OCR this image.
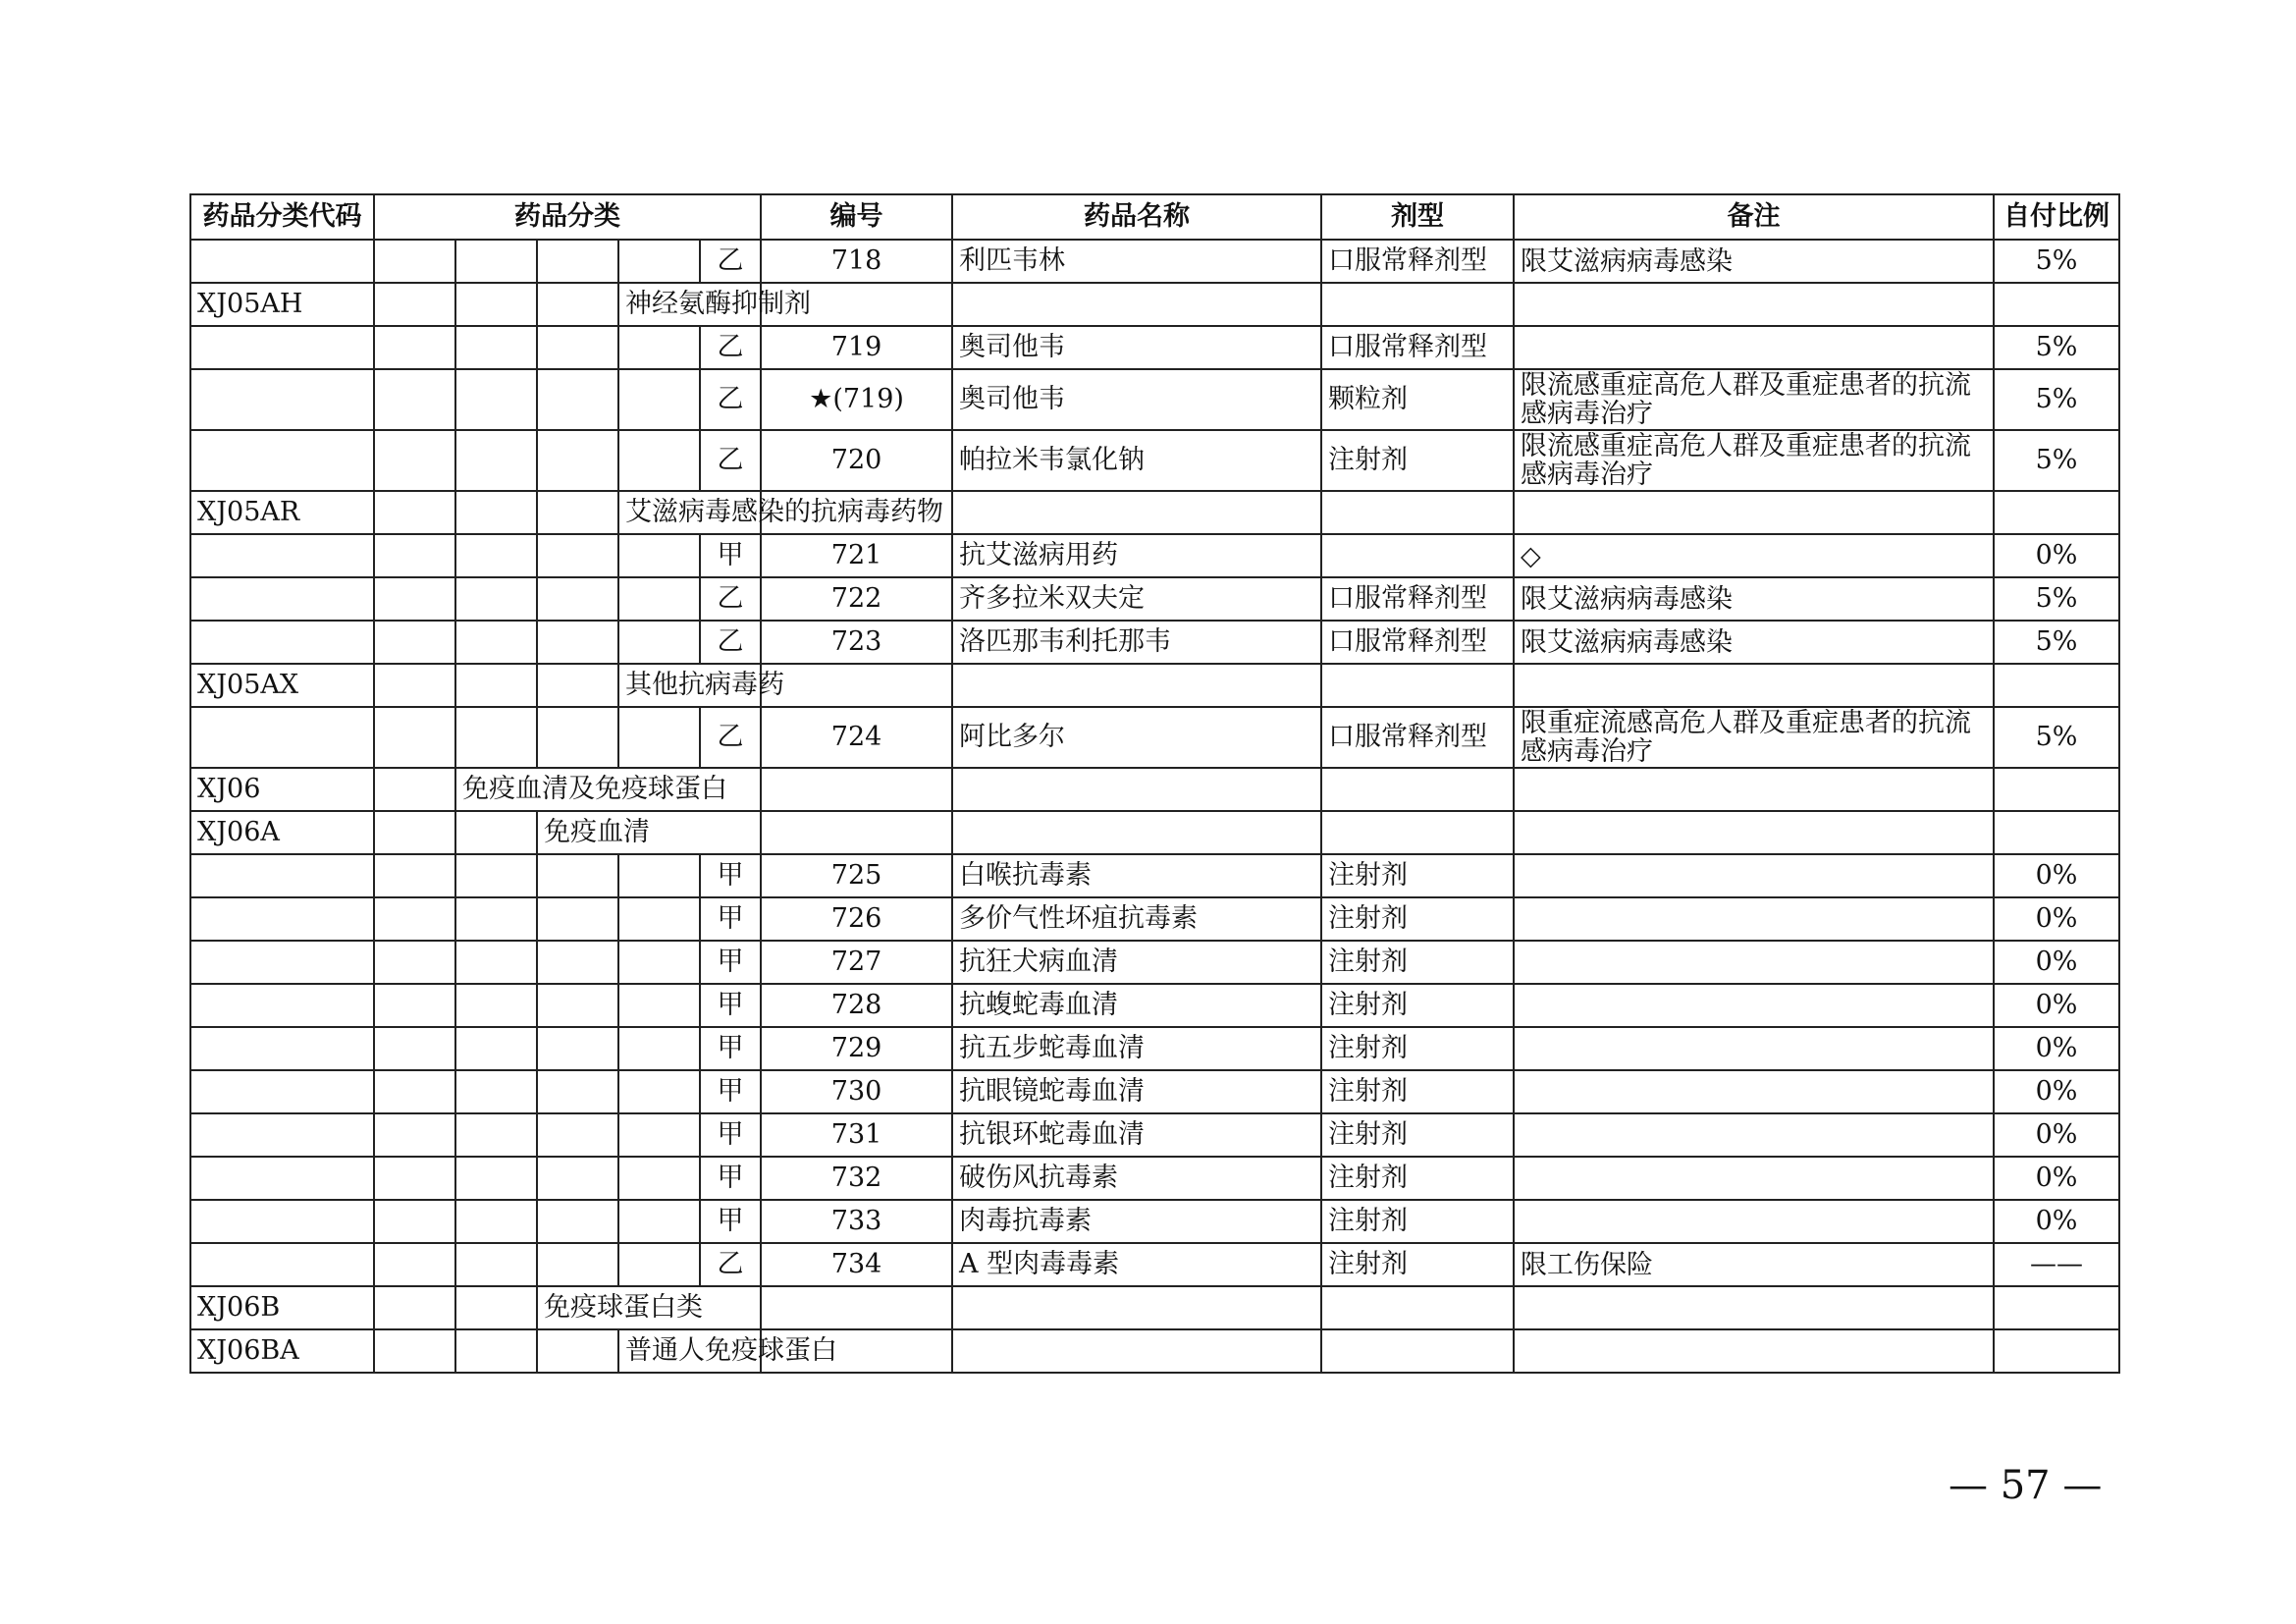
药品分类代码	药品分类					编号	药品名称	剂型	备注	自付比例
					乙	718	利匹韦林	口服常释剂型	限艾滋病病毒感染	5%
XJ05AH				神经氨酶抑制剂						
					乙	719	奥司他韦	口服常释剂型		5%
					乙	★(719)	奥司他韦	颗粒剂	限流感重症高危人群及重症患者的抗流感病毒治疗	5%
					乙	720	帕拉米韦氯化钠	注射剂	限流感重症高危人群及重症患者的抗流感病毒治疗	5%
XJ05AR				艾滋病毒感染的抗病毒药物						
					甲	721	抗艾滋病用药		◇	0%
					乙	722	齐多拉米双夫定	口服常释剂型	限艾滋病病毒感染	5%
					乙	723	洛匹那韦利托那韦	口服常释剂型	限艾滋病病毒感染	5%
XJ05AX				其他抗病毒药						
					乙	724	阿比多尔	口服常释剂型	限重症流感高危人群及重症患者的抗流感病毒治疗	5%
XJ06		免疫血清及免疫球蛋白								
XJ06A			免疫血清							
					甲	725	白喉抗毒素	注射剂		0%
					甲	726	多价气性坏疽抗毒素	注射剂		0%
					甲	727	抗狂犬病血清	注射剂		0%
					甲	728	抗蝮蛇毒血清	注射剂		0%
					甲	729	抗五步蛇毒血清	注射剂		0%
					甲	730	抗眼镜蛇毒血清	注射剂		0%
					甲	731	抗银环蛇毒血清	注射剂		0%
					甲	732	破伤风抗毒素	注射剂		0%
					甲	733	肉毒抗毒素	注射剂		0%
					乙	734	A 型肉毒毒素	注射剂	限工伤保险	——
XJ06B			免疫球蛋白类							
XJ06BA				普通人免疫球蛋白						
— 57 —
